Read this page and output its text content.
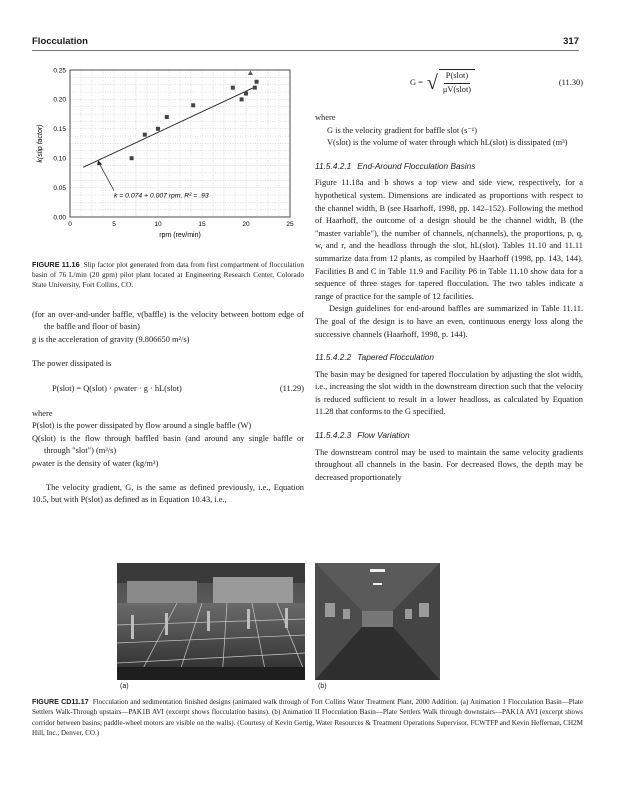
Flocculation	317
0	5	10	15	20	25
0.00
0.05
0.10
0.15
0.20
0.25
k = 0.074 + 0.007 rpm, R² = .93
k(slip factor)
rpm (rev/min)

FIGURE 11.16 Slip factor plot generated from data from first compartment of flocculation basin of 76 L/min (20 gpm) pilot plant located at Engineering Research Center, Colorado State University, Fort Collins, CO.

(for an over-and-under baffle, v(baffle) is the velocity between bottom edge of the baffle and floor of basin)

g is the acceleration of gravity (9.806650 m²/s)

The power dissipated is

P(slot) = Q(slot) · ρwater · g · hL(slot)	(11.29)

where

P(slot) is the power dissipated by flow around a single baffle (W)

Q(slot) is the flow through baffled basin (and around any single baffle or through "slot") (m³/s)

ρwater is the density of water (kg/m³)

The velocity gradient, G, is the same as defined previously, i.e., Equation 10.5, but with P(slot) as defined as in Equation 10.43, i.e.,

G = √ P(slot)
μV(slot)
(11.30)

where

G is the velocity gradient for baffle slot (s⁻¹)

V(slot) is the volume of water through which hL(slot) is dissipated (m³)

11.5.4.2.1 End-Around Flocculation Basins

Figure 11.18a and b shows a top view and side view, respectively, for a hypothetical system. Dimensions are indicated as proportions with respect to the channel width, B (see Haarhoff, 1998, pp. 142–152). Following the method of Haarhoff, the outcome of a design should be the channel width, B (the "master variable"), the number of channels, n(channels), the proportions, p, q, w, and r, and the headloss through the slot, hL(slot). Tables 11.10 and 11.11 summarize data from 12 plants, as compiled by Haarhoff (1998, pp. 143, 144). Facilities B and C in Table 11.9 and Facility P6 in Table 11.10 show data for a sequence of three stages for tapered flocculation. The two tables indicate a range of practice for the sample of 12 facilities.

Design guidelines for end-around baffles are summarized in Table 11.11. The goal of the design is to have an even, continuous energy loss along the successive channels (Haarhoff, 1998, p. 144).

11.5.4.2.2 Tapered Flocculation

The basin may be designed for tapered flocculation by adjusting the slot width, i.e., increasing the slot width in the downstream direction such that the velocity is reduced sufficient to result in a lower headloss, as calculated by Equation 11.28 that conforms to the G specified.

11.5.4.2.3 Flow Variation

The downstream control may be used to maintain the same velocity gradients throughout all channels in the basin. For decreased flows, the depth may be decreased proportionately

(a)	(b)

FIGURE CD11.17 Flocculation and sedimentation finished designs (animated walk through of Fort Collins Water Treatment Plant, 2000 Addition. (a) Animation 1 Flocculation Basin—Plate Settlers Walk-Through upstairs—PAK1B AVI (excerpt shows flocculation basins). (b) Animation II Flocculation Basin—Plate Settlers Walk through downstairs—PAK1A AVI (excerpt shows corridor between basins; paddle-wheel motors are visible on the walls). (Courtesy of Kevin Gertig, Water Resources & Treatment Operations Supervisor, FCWTFP and Kevin Heffernan, CH2M Hill, Inc., Denver, CO.)
